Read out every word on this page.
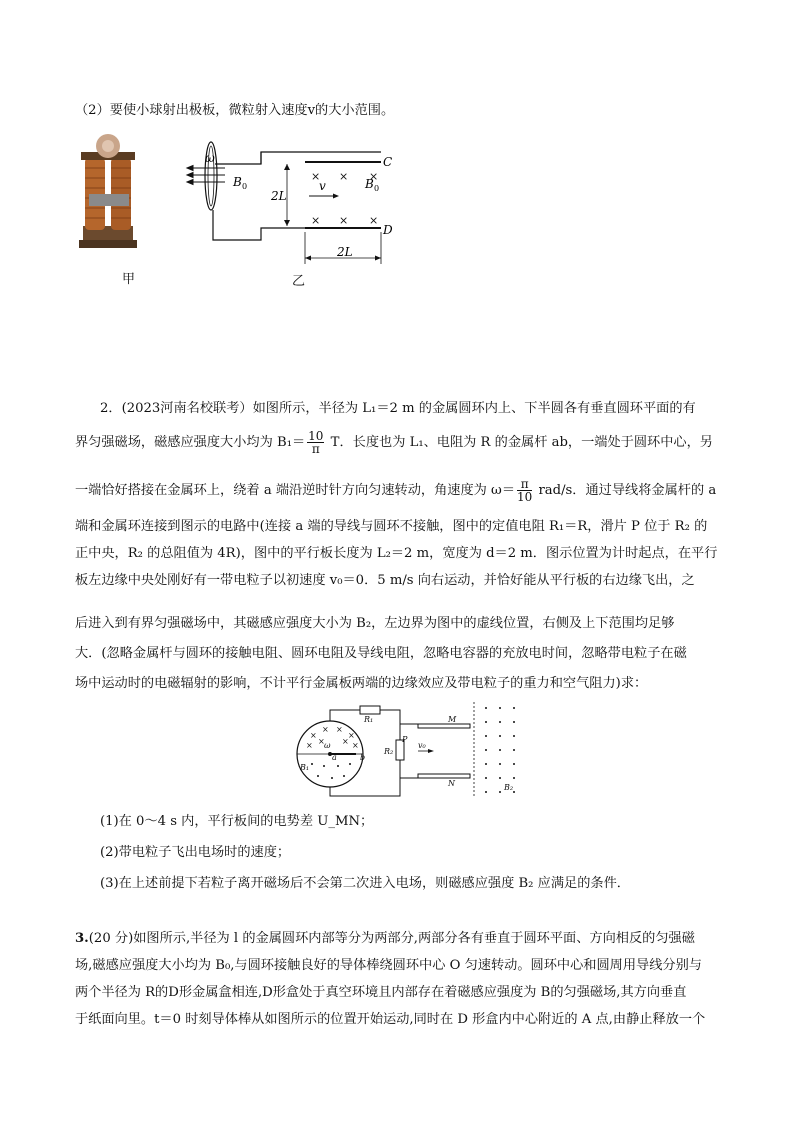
（2）要使小球射出极板，微粒射入速度v的大小范围。
× × ×
× × ×
ω
B 0
C
D
2L
2L
v	B 0
甲	乙
2．(2023河南名校联考）如图所示，半径为 L₁＝2 m 的金属圆环内上、下半圆各有垂直圆环平面的有
界匀强磁场，磁感应强度大小均为 $B_1= \frac{10}{\pi}$ T．长度也为 L₁、电阻为 R 的金属杆 ab，一端处于圆环中心，另
一端恰好搭接在金属环上，绕着 a 端沿逆时针方向匀速转动，角速度为 $\omega= \frac{\pi}{10} rad/s$．通过导线将金属杆的 a
端和金属环连接到图示的电路中(连接 a 端的导线与圆环不接触，图中的定值电阻 R₁＝R，滑片 P 位于 R₂ 的
正中央，R₂ 的总阻值为 4R)，图中的平行板长度为 L₂＝2 m，宽度为 d＝2 m．图示位置为计时起点，在平行
板左边缘中央处刚好有一带电粒子以初速度 v₀＝0．5 m/s 向右运动，并恰好能从平行板的右边缘飞出，之
后进入到有界匀强磁场中，其磁感应强度大小为 B₂，左边界为图中的虚线位置，右侧及上下范围均足够
大．(忽略金属杆与圆环的接触电阻、圆环电阻及导线电阻，忽略电容器的充放电时间，忽略带电粒子在磁
场中运动时的电磁辐射的影响，不计平行金属板两端的边缘效应及带电粒子的重力和空气阻力)求：
×
× ×
×
× × × ×
R₁
R₂
P
M
N
v₀
B₁
B₂
ω
a	b
(1)在 0～4 s 内，平行板间的电势差 U_MN；
(2)带电粒子飞出电场时的速度；
(3)在上述前提下若粒子离开磁场后不会第二次进入电场，则磁感应强度 B₂ 应满足的条件．
3.(20 分)如图所示,半径为 l 的金属圆环内部等分为两部分,两部分各有垂直于圆环平面、方向相反的匀强磁
场,磁感应强度大小均为 B₀,与圆环接触良好的导体棒绕圆环中心 O 匀速转动。圆环中心和圆周用导线分别与
两个半径为 R的D形金属盒相连,D形盒处于真空环境且内部存在着磁感应强度为 B的匀强磁场,其方向垂直
于纸面向里。t＝0 时刻导体棒从如图所示的位置开始运动,同时在 D 形盒内中心附近的 A 点,由静止释放一个
